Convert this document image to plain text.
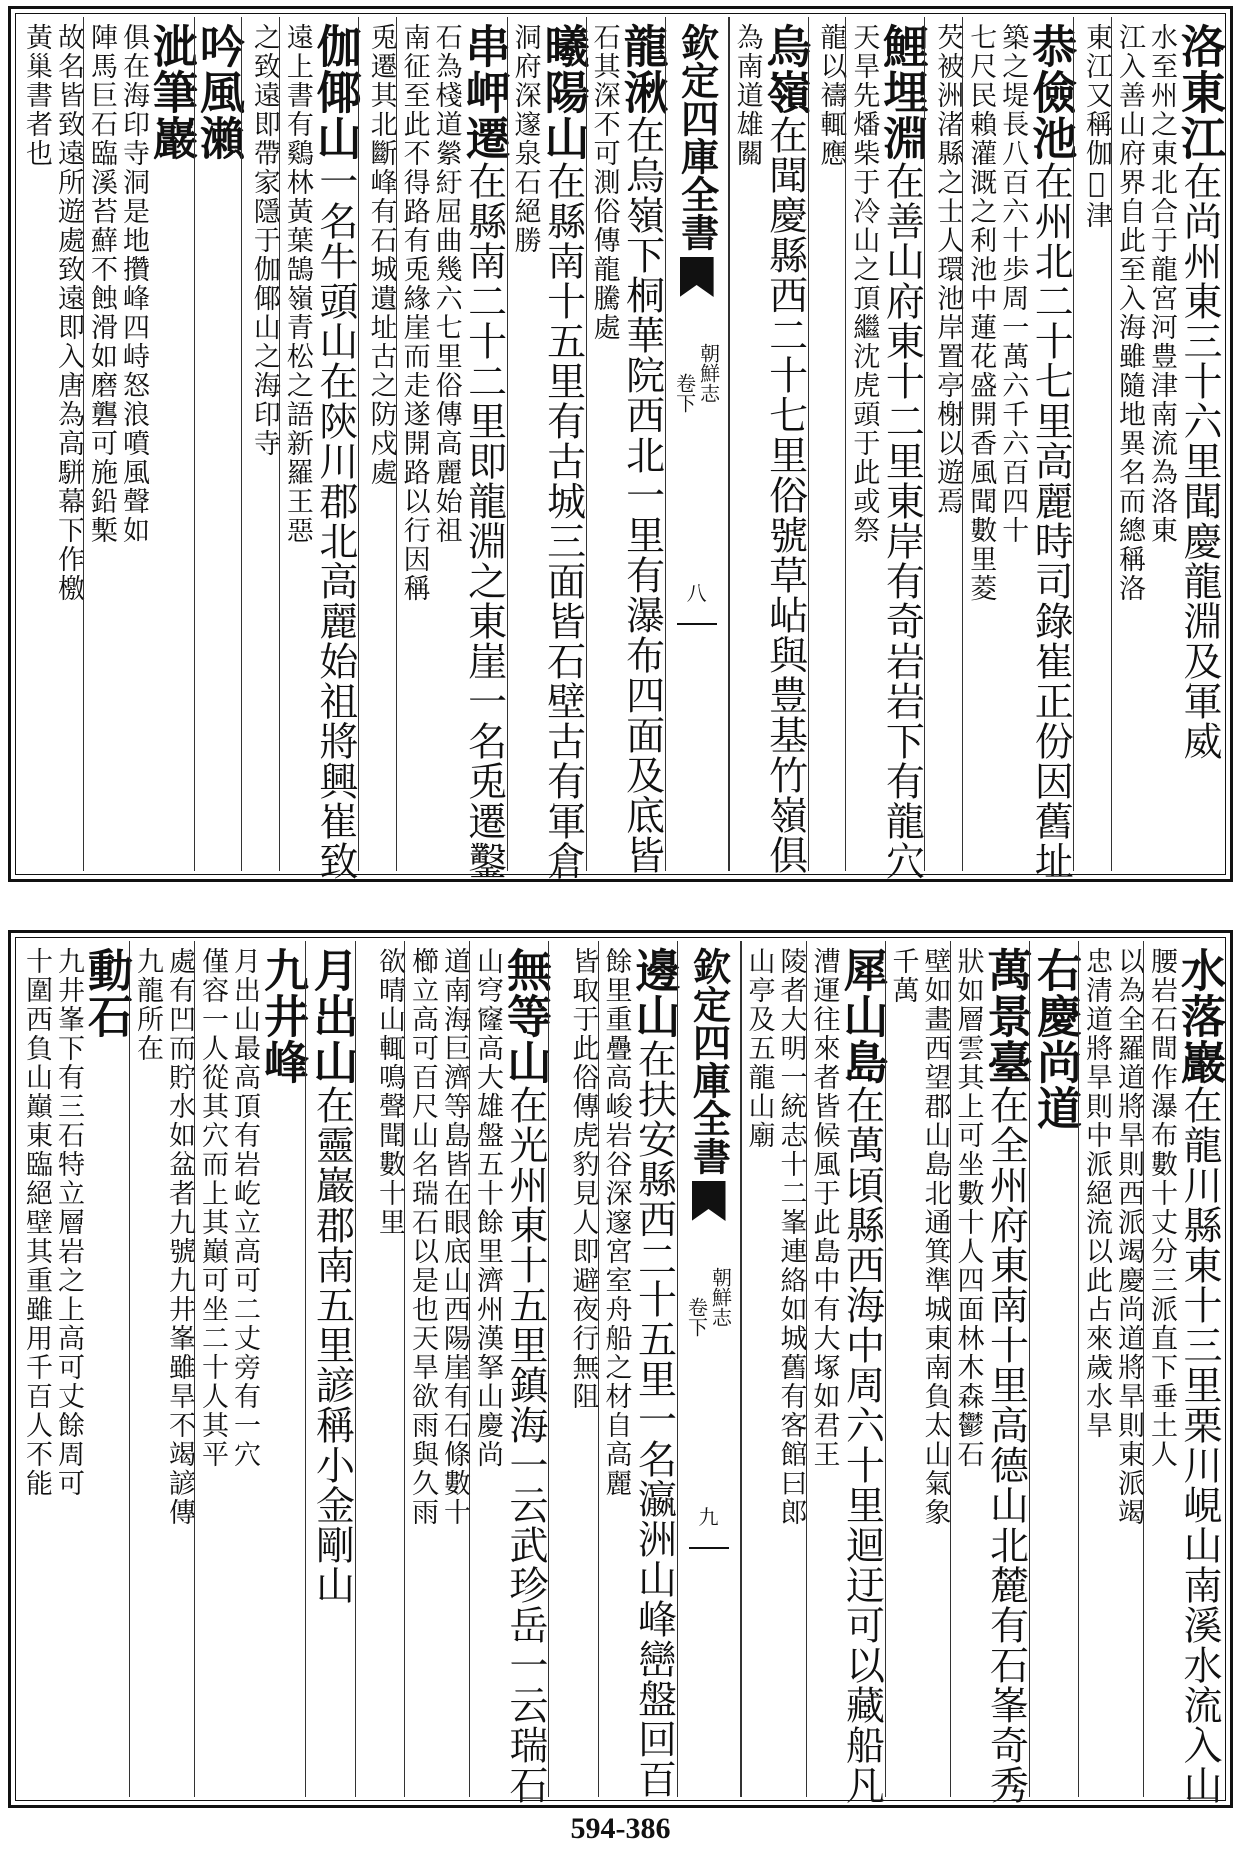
洛東江在尚州東三十六里聞慶龍淵及軍威
水至州之東北合于龍宮河豊津南流為洛東
江入善山府界自此至入海雖隨地異名而總稱洛
東江又稱伽𠴀津
恭儉池在州北二十七里高麗時司錄崔正份因舊址
築之堤長八百六十歩周一萬六千六百四十
七尺民賴灌溉之利池中蓮花盛開香風聞數里菱
芡被洲渚縣之士人環池岸置亭榭以遊焉
鯉埋淵在善山府東十二里東岸有奇岩岩下有龍穴
天旱先燔柴于冷山之頂繼沈虎頭于此或祭
龍以禱輒應
烏嶺在聞慶縣西二十七里俗號草岾與豊基竹嶺俱
為南道雄關
欽定四庫全書
朝鮮志
卷下
八
龍湫在烏嶺下桐華院西北一里有瀑布四面及底皆
石其深不可測俗傳龍騰處
曦陽山在縣南十五里有古城三面皆石壁古有軍倉
洞府深邃泉石絕勝
串岬遷在縣南二十二里即龍淵之東崖一名兎遷鑿
石為棧道縈紆屈曲幾六七里俗傳高麗始祖
南征至此不得路有兎緣崖而走遂開路以行因稱
兎遷其北斷峰有石城遺址古之防戍處
伽倻山一名牛頭山在陝川郡北高麗始祖將興崔致
遠上書有鷄林黃葉鵠嶺青松之語新羅王惡
之致遠即帶家隱于伽倻山之海印寺
吟風瀨
泚筆巖
俱在海印寺洞是地攢峰四峙怒浪噴風聲如
陣馬巨石臨溪苔蘚不蝕滑如磨礱可施鉛槧
故名皆致遠所遊處致遠即入唐為高駢幕下作檄
黃巢書者也
水落巖在龍川縣東十三里栗川峴山南溪水流入山
腰岩石間作瀑布數十丈分三派直下垂土人
以為全羅道將旱則西派竭慶尚道將旱則東派竭
忠清道將旱則中派絕流以此占來歲水旱
右慶尚道
萬景臺在全州府東南十里高德山北麓有石峯奇秀
狀如層雲其上可坐數十人四面林木森鬱石
壁如畫西望郡山島北通箕準城東南負太山氣象
千萬
犀山島在萬頃縣西海中周六十里迴迂可以藏船凡
漕運往來者皆候風于此島中有大塚如君王
陵者大明一統志十二峯連絡如城舊有客館曰郎
山亭及五龍山廟
欽定四庫全書
朝鮮志
卷下
九
邊山在扶安縣西二十五里一名瀛洲山峰巒盤回百
餘里重疊高峻岩谷深邃宮室舟船之材自高麗
皆取于此俗傳虎豹見人即避夜行無阻
無等山在光州東十五里鎮海一云武珍岳一云瑞石
山穹窿高大雄盤五十餘里濟州漢拏山慶尚
道南海巨濟等島皆在眼底山西陽崖有石條數十
櫛立高可百尺山名瑞石以是也天旱欲雨與久雨
欲晴山輒鳴聲聞數十里
月出山在靈巖郡南五里諺稱小金剛山
九井峰
月出山最高頂有岩屹立高可二丈旁有一穴
僅容一人從其穴而上其巔可坐二十人其平
處有凹而貯水如盆者九號九井峯雖旱不竭諺傳
九龍所在
動石
九井峯下有三石特立層岩之上高可丈餘周可
十圍西負山巔東臨絕壁其重雖用千百人不能
594-386
